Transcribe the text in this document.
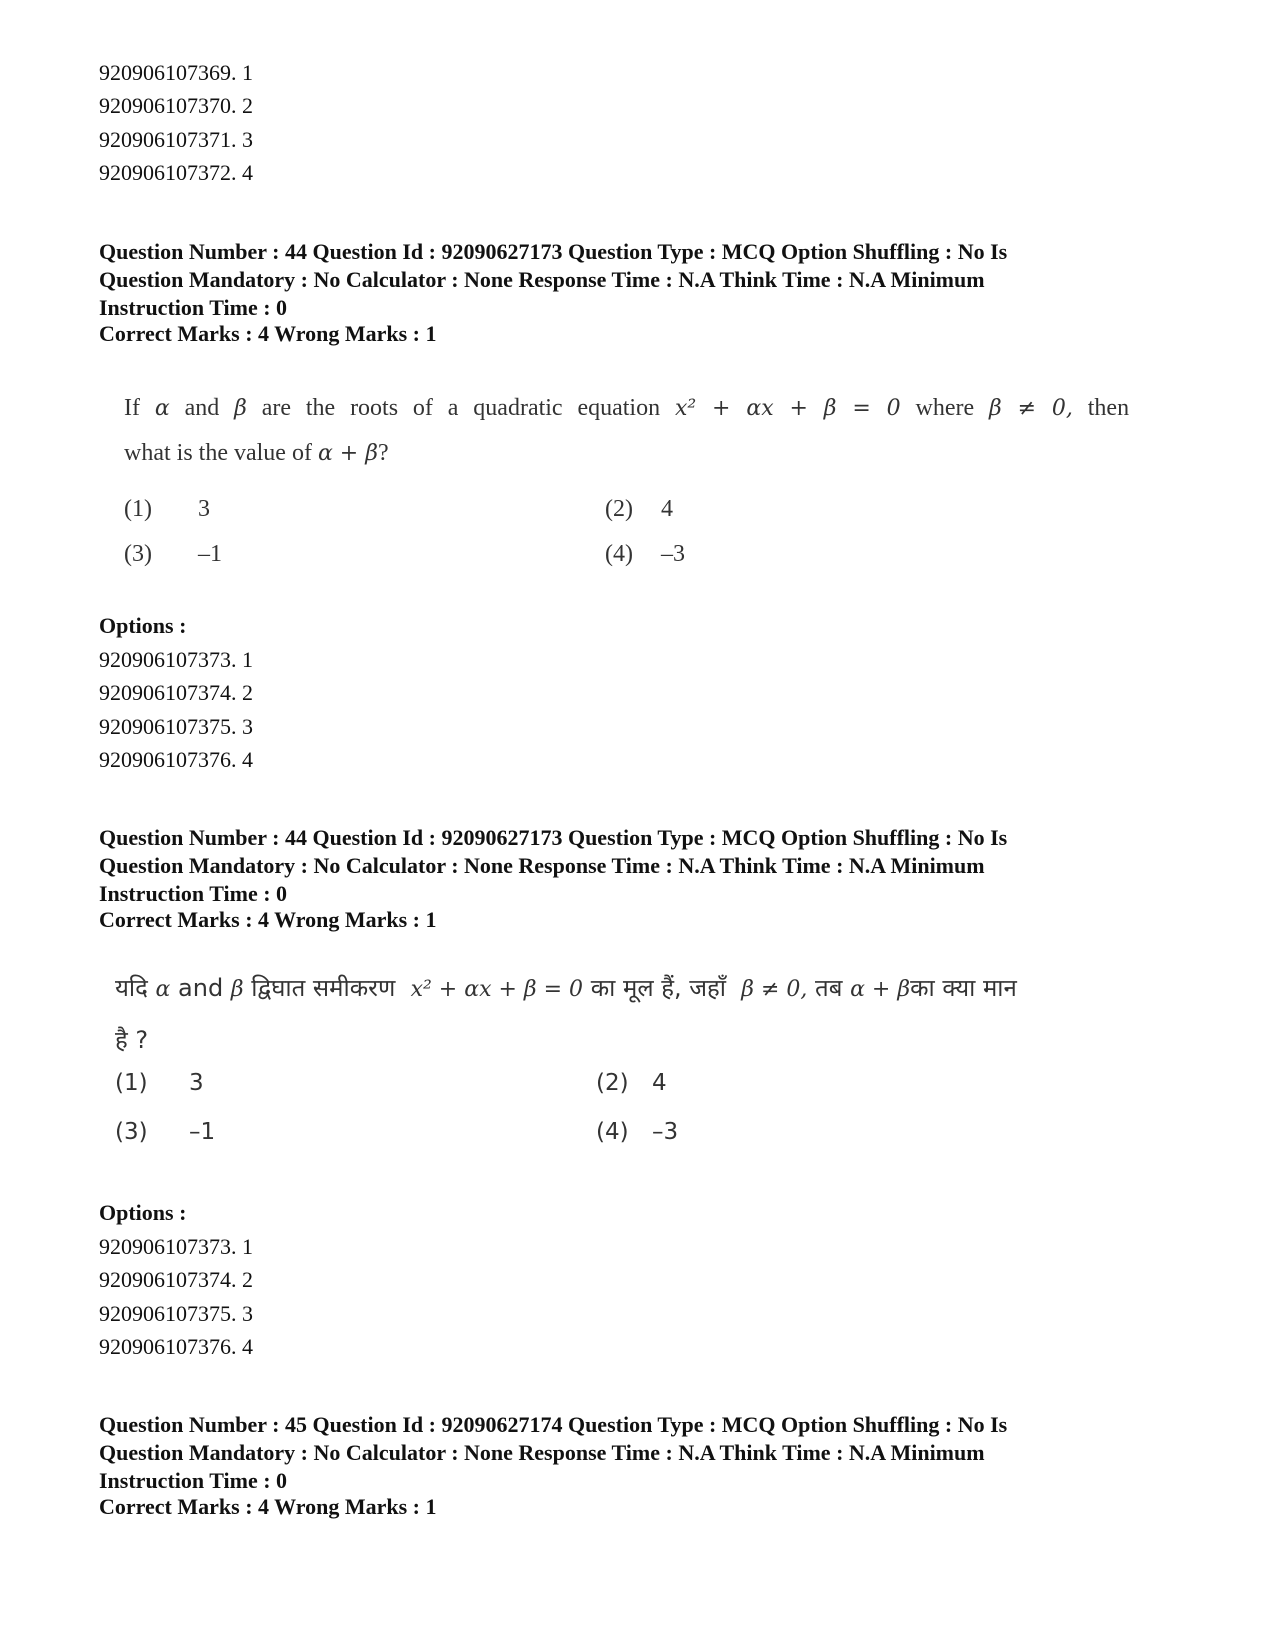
920906107369. 1
920906107370. 2
920906107371. 3
920906107372. 4
Question Number : 44 Question Id : 92090627173 Question Type : MCQ Option Shuffling : No Is
Question Mandatory : No Calculator : None Response Time : N.A Think Time : N.A Minimum
Instruction Time : 0
Correct Marks : 4 Wrong Marks : 1
If α and β are the roots of a quadratic equation x² + αx + β = 0 where β ≠ 0, then
what is the value of α + β?
(1) 3	(2) 4
(3) –1	(4) –3
Options :
920906107373. 1
920906107374. 2
920906107375. 3
920906107376. 4
Question Number : 44 Question Id : 92090627173 Question Type : MCQ Option Shuffling : No Is
Question Mandatory : No Calculator : None Response Time : N.A Think Time : N.A Minimum
Instruction Time : 0
Correct Marks : 4 Wrong Marks : 1
यदि α and β द्विघात समीकरण x² + αx + β = 0 का मूल हैं, जहाँ β ≠ 0, तब α + βका क्या मान
है ?
(1) 3	(2) 4
(3) –1	(4) –3
Options :
920906107373. 1
920906107374. 2
920906107375. 3
920906107376. 4
Question Number : 45 Question Id : 92090627174 Question Type : MCQ Option Shuffling : No Is
Question Mandatory : No Calculator : None Response Time : N.A Think Time : N.A Minimum
Instruction Time : 0
Correct Marks : 4 Wrong Marks : 1
